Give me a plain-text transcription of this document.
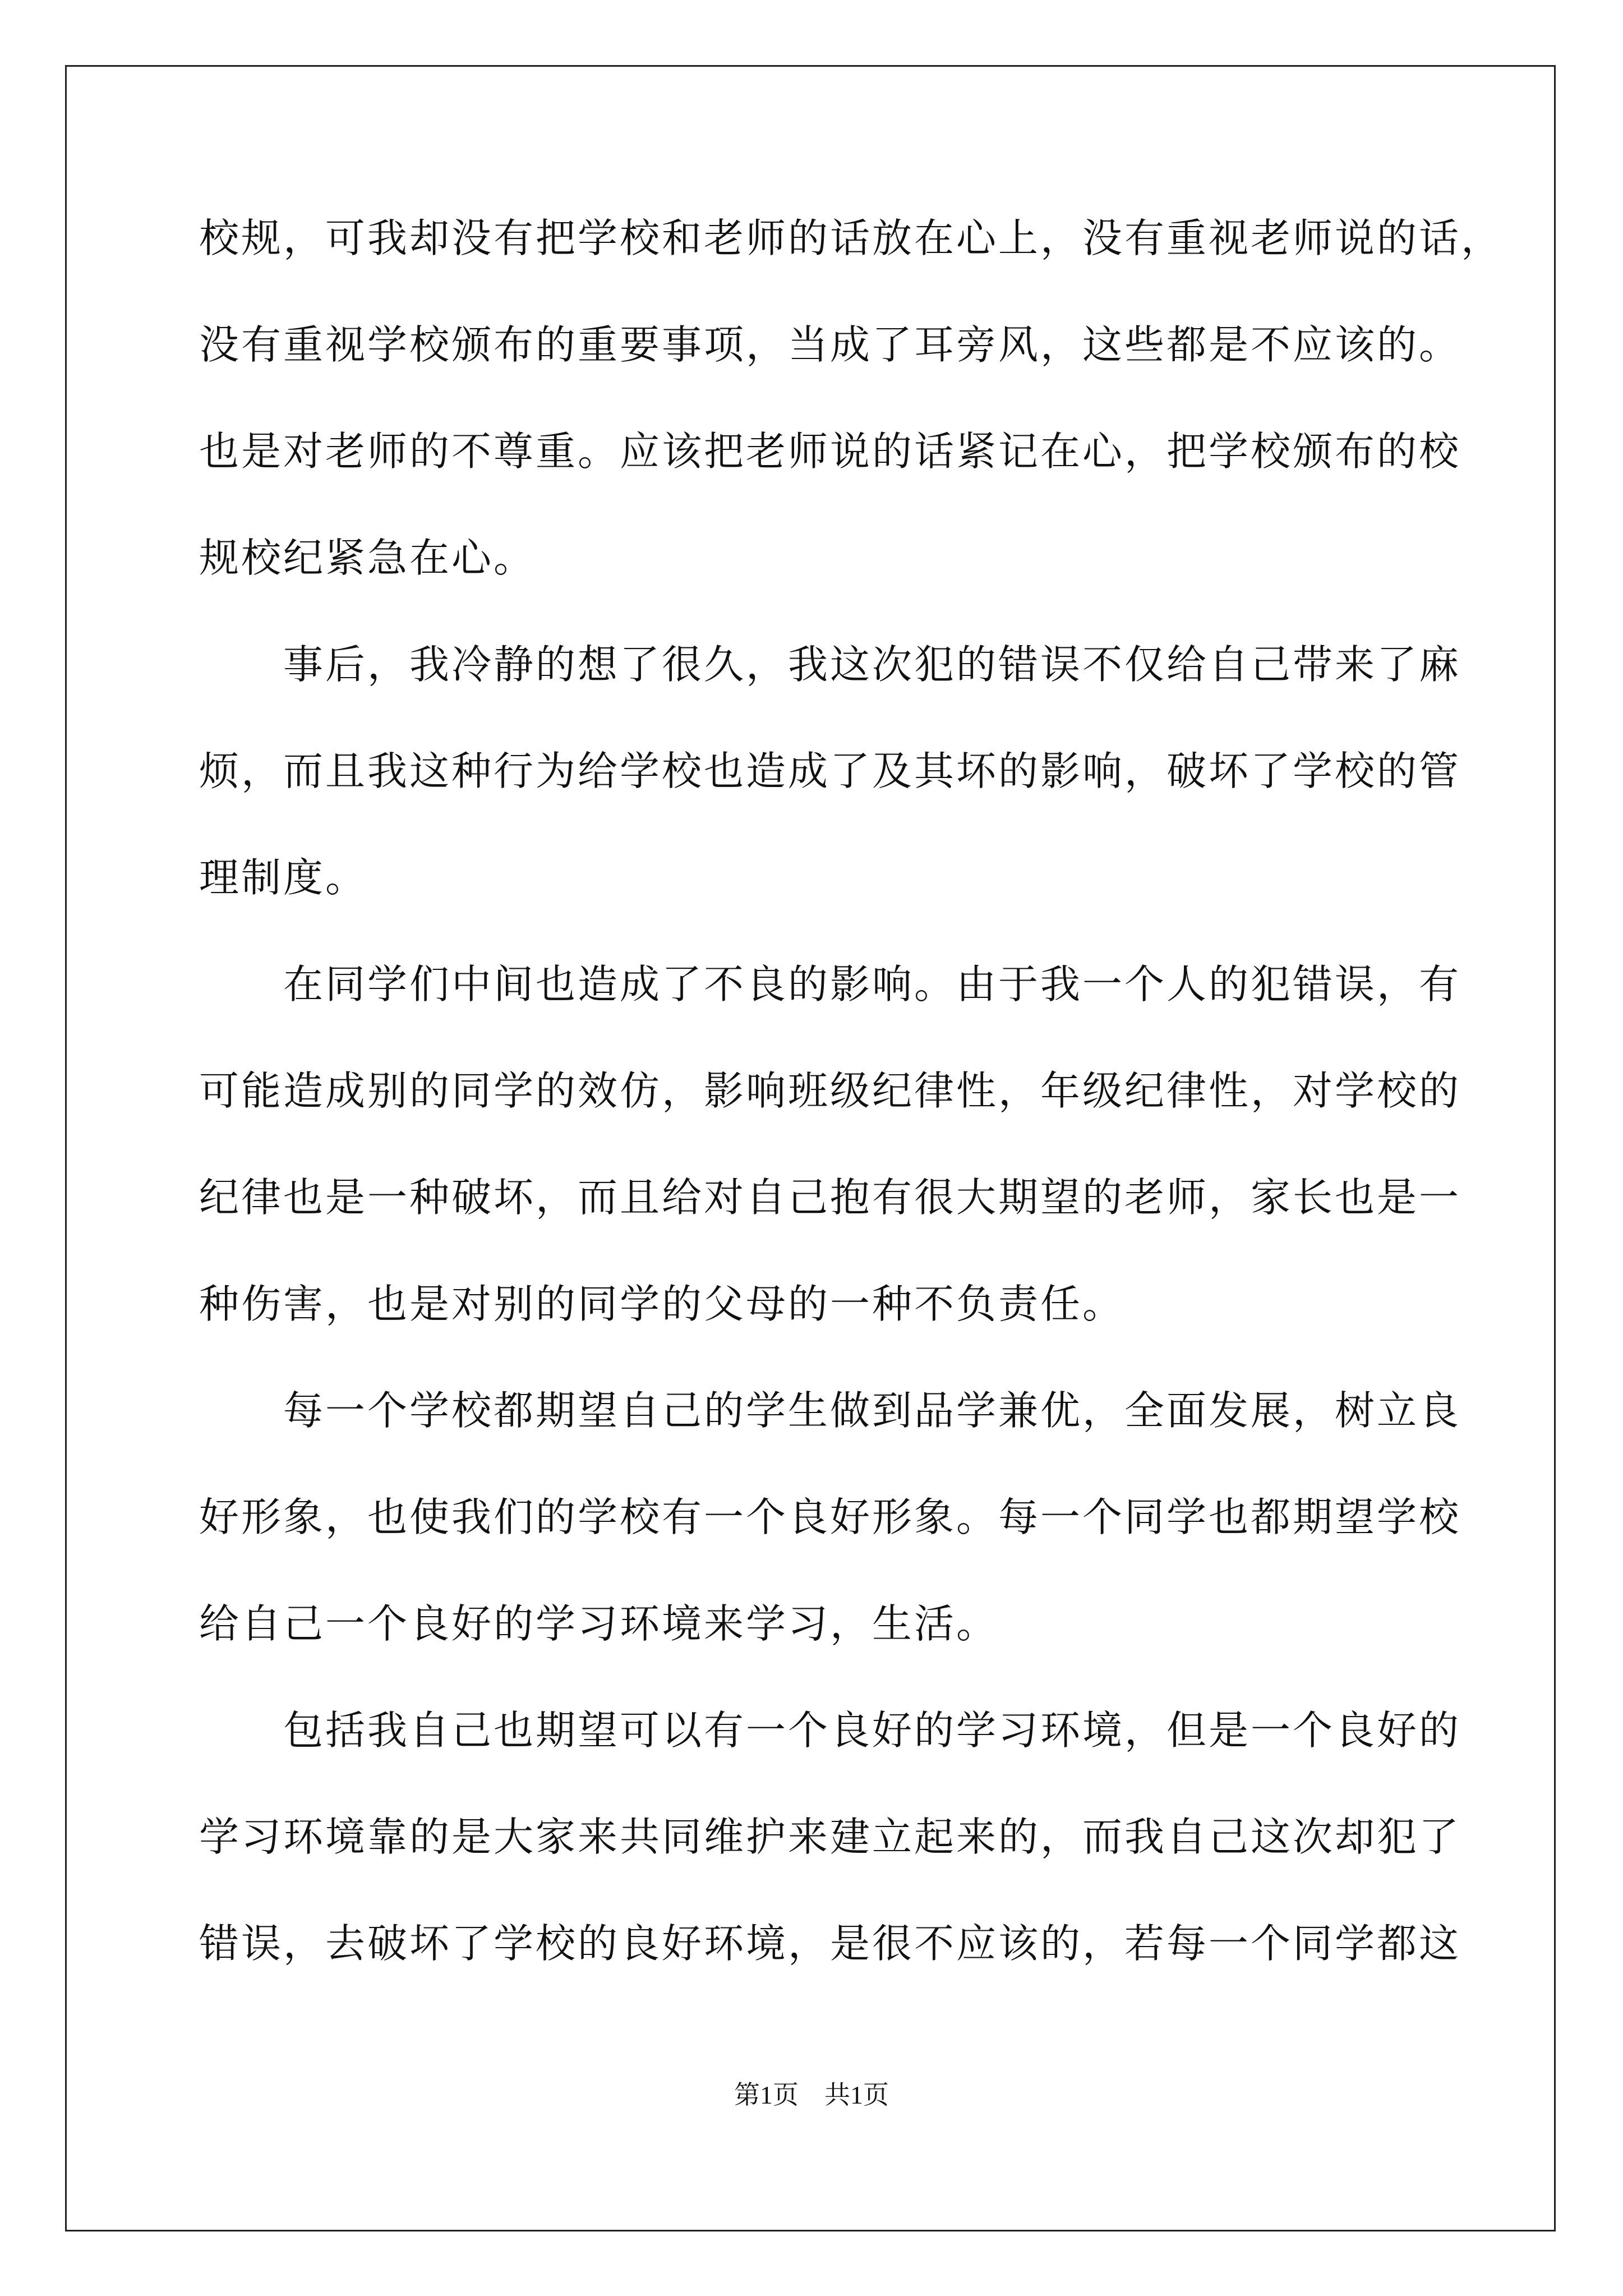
校规，可我却没有把学校和老师的话放在心上，没有重视老师说的话，
没有重视学校颁布的重要事项，当成了耳旁风，这些都是不应该的。
也是对老师的不尊重。应该把老师说的话紧记在心，把学校颁布的校
规校纪紧急在心。
　　事后，我冷静的想了很久，我这次犯的错误不仅给自己带来了麻
烦，而且我这种行为给学校也造成了及其坏的影响，破坏了学校的管
理制度。
　　在同学们中间也造成了不良的影响。由于我一个人的犯错误，有
可能造成别的同学的效仿，影响班级纪律性，年级纪律性，对学校的
纪律也是一种破坏，而且给对自己抱有很大期望的老师，家长也是一
种伤害，也是对别的同学的父母的一种不负责任。
　　每一个学校都期望自己的学生做到品学兼优，全面发展，树立良
好形象，也使我们的学校有一个良好形象。每一个同学也都期望学校
给自己一个良好的学习环境来学习，生活。
　　包括我自己也期望可以有一个良好的学习环境，但是一个良好的
学习环境靠的是大家来共同维护来建立起来的，而我自己这次却犯了
错误，去破坏了学校的良好环境，是很不应该的，若每一个同学都这
第1页　共1页
